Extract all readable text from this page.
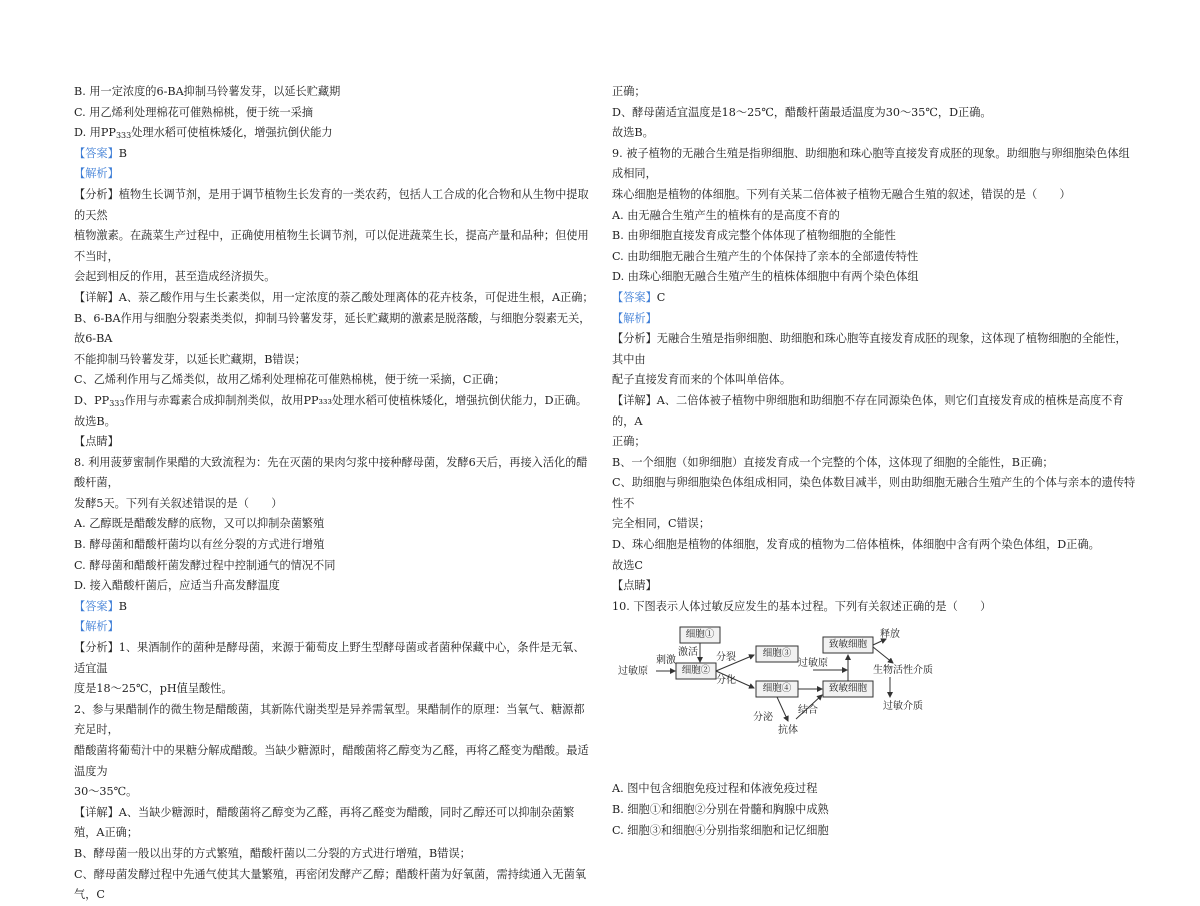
B. 用一定浓度的6-BA抑制马铃薯发芽，以延长贮藏期

C. 用乙烯利处理棉花可催熟棉桃，便于统一采摘

D. 用$PP_{333}$处理水稻可使植株矮化，增强抗倒伏能力

【答案】B

【解析】

【分析】植物生长调节剂，是用于调节植物生长发育的一类农药，包括人工合成的化合物和从生物中提取的天然

植物激素。在蔬菜生产过程中，正确使用植物生长调节剂，可以促进蔬菜生长，提高产量和品种；但使用不当时，

会起到相反的作用，甚至造成经济损失。

【详解】A、萘乙酸作用与生长素类似，用一定浓度的萘乙酸处理离体的花卉枝条，可促进生根，A正确；

B、6-BA作用与细胞分裂素类类似，抑制马铃薯发芽，延长贮藏期的激素是脱落酸，与细胞分裂素无关，故6-BA

不能抑制马铃薯发芽，以延长贮藏期，B错误；

C、乙烯利作用与乙烯类似，故用乙烯利处理棉花可催熟棉桃，便于统一采摘，C正确；

D、$PP_{333}$作用与赤霉素合成抑制剂类似，故用PP₃₃₃处理水稻可使植株矮化，增强抗倒伏能力，D正确。

故选B。

【点睛】

8. 利用菠萝蜜制作果醋的大致流程为：先在灭菌的果肉匀浆中接种酵母菌，发酵6天后，再接入活化的醋酸杆菌，

发酵5天。下列有关叙述错误的是（　　）

A. 乙醇既是醋酸发酵的底物，又可以抑制杂菌繁殖

B. 酵母菌和醋酸杆菌均以有丝分裂的方式进行增殖

C. 酵母菌和醋酸杆菌发酵过程中控制通气的情况不同

D. 接入醋酸杆菌后，应适当升高发酵温度

【答案】B

【解析】

【分析】1、果酒制作的菌种是酵母菌，来源于葡萄皮上野生型酵母菌或者菌种保藏中心，条件是无氧、适宜温

度是18～25℃，pH值呈酸性。

2、参与果醋制作的微生物是醋酸菌，其新陈代谢类型是异养需氧型。果醋制作的原理：当氧气、糖源都充足时，

醋酸菌将葡萄汁中的果糖分解成醋酸。当缺少糖源时，醋酸菌将乙醇变为乙醛，再将乙醛变为醋酸。最适温度为

30～35℃。

【详解】A、当缺少糖源时，醋酸菌将乙醇变为乙醛，再将乙醛变为醋酸，同时乙醇还可以抑制杂菌繁殖，A正确；

B、酵母菌一般以出芽的方式繁殖，醋酸杆菌以二分裂的方式进行增殖，B错误；

C、酵母菌发酵过程中先通气使其大量繁殖，再密闭发酵产乙醇；醋酸杆菌为好氧菌，需持续通入无菌氧气，C

正确；

D、酵母菌适宜温度是18～25℃，醋酸杆菌最适温度为30～35℃，D正确。

故选B。

9. 被子植物的无融合生殖是指卵细胞、助细胞和珠心胞等直接发育成胚的现象。助细胞与卵细胞染色体组成相同，

珠心细胞是植物的体细胞。下列有关某二倍体被子植物无融合生殖的叙述，错误的是（　　）

A. 由无融合生殖产生的植株有的是高度不育的

B. 由卵细胞直接发育成完整个体体现了植物细胞的全能性

C. 由助细胞无融合生殖产生的个体保持了亲本的全部遗传特性

D. 由珠心细胞无融合生殖产生的植株体细胞中有两个染色体组

【答案】C

【解析】

【分析】无融合生殖是指卵细胞、助细胞和珠心胞等直接发育成胚的现象，这体现了植物细胞的全能性，其中由

配子直接发育而来的个体叫单倍体。

【详解】A、二倍体被子植物中卵细胞和助细胞不存在同源染色体，则它们直接发育成的植株是高度不育的，A

正确；

B、一个细胞（如卵细胞）直接发育成一个完整的个体，这体现了细胞的全能性，B正确；

C、助细胞与卵细胞染色体组成相同，染色体数目减半，则由助细胞无融合生殖产生的个体与亲本的遗传特性不

完全相同，C错误；

D、珠心细胞是植物的体细胞，发育成的植物为二倍体植株，体细胞中含有两个染色体组，D正确。

故选C

【点睛】

10. 下图表示人体过敏反应发生的基本过程。下列有关叙述正确的是（　　）

细胞①
细胞②
细胞③
细胞④
致敏细胞
致敏细胞
过敏原
刺激
激活 分裂
分化
分泌
抗体
结合
过敏原
释放
生物活性介质
过敏介质

A. 图中包含细胞免疫过程和体液免疫过程

B. 细胞①和细胞②分别在骨髓和胸腺中成熟

C. 细胞③和细胞④分别指浆细胞和记忆细胞
